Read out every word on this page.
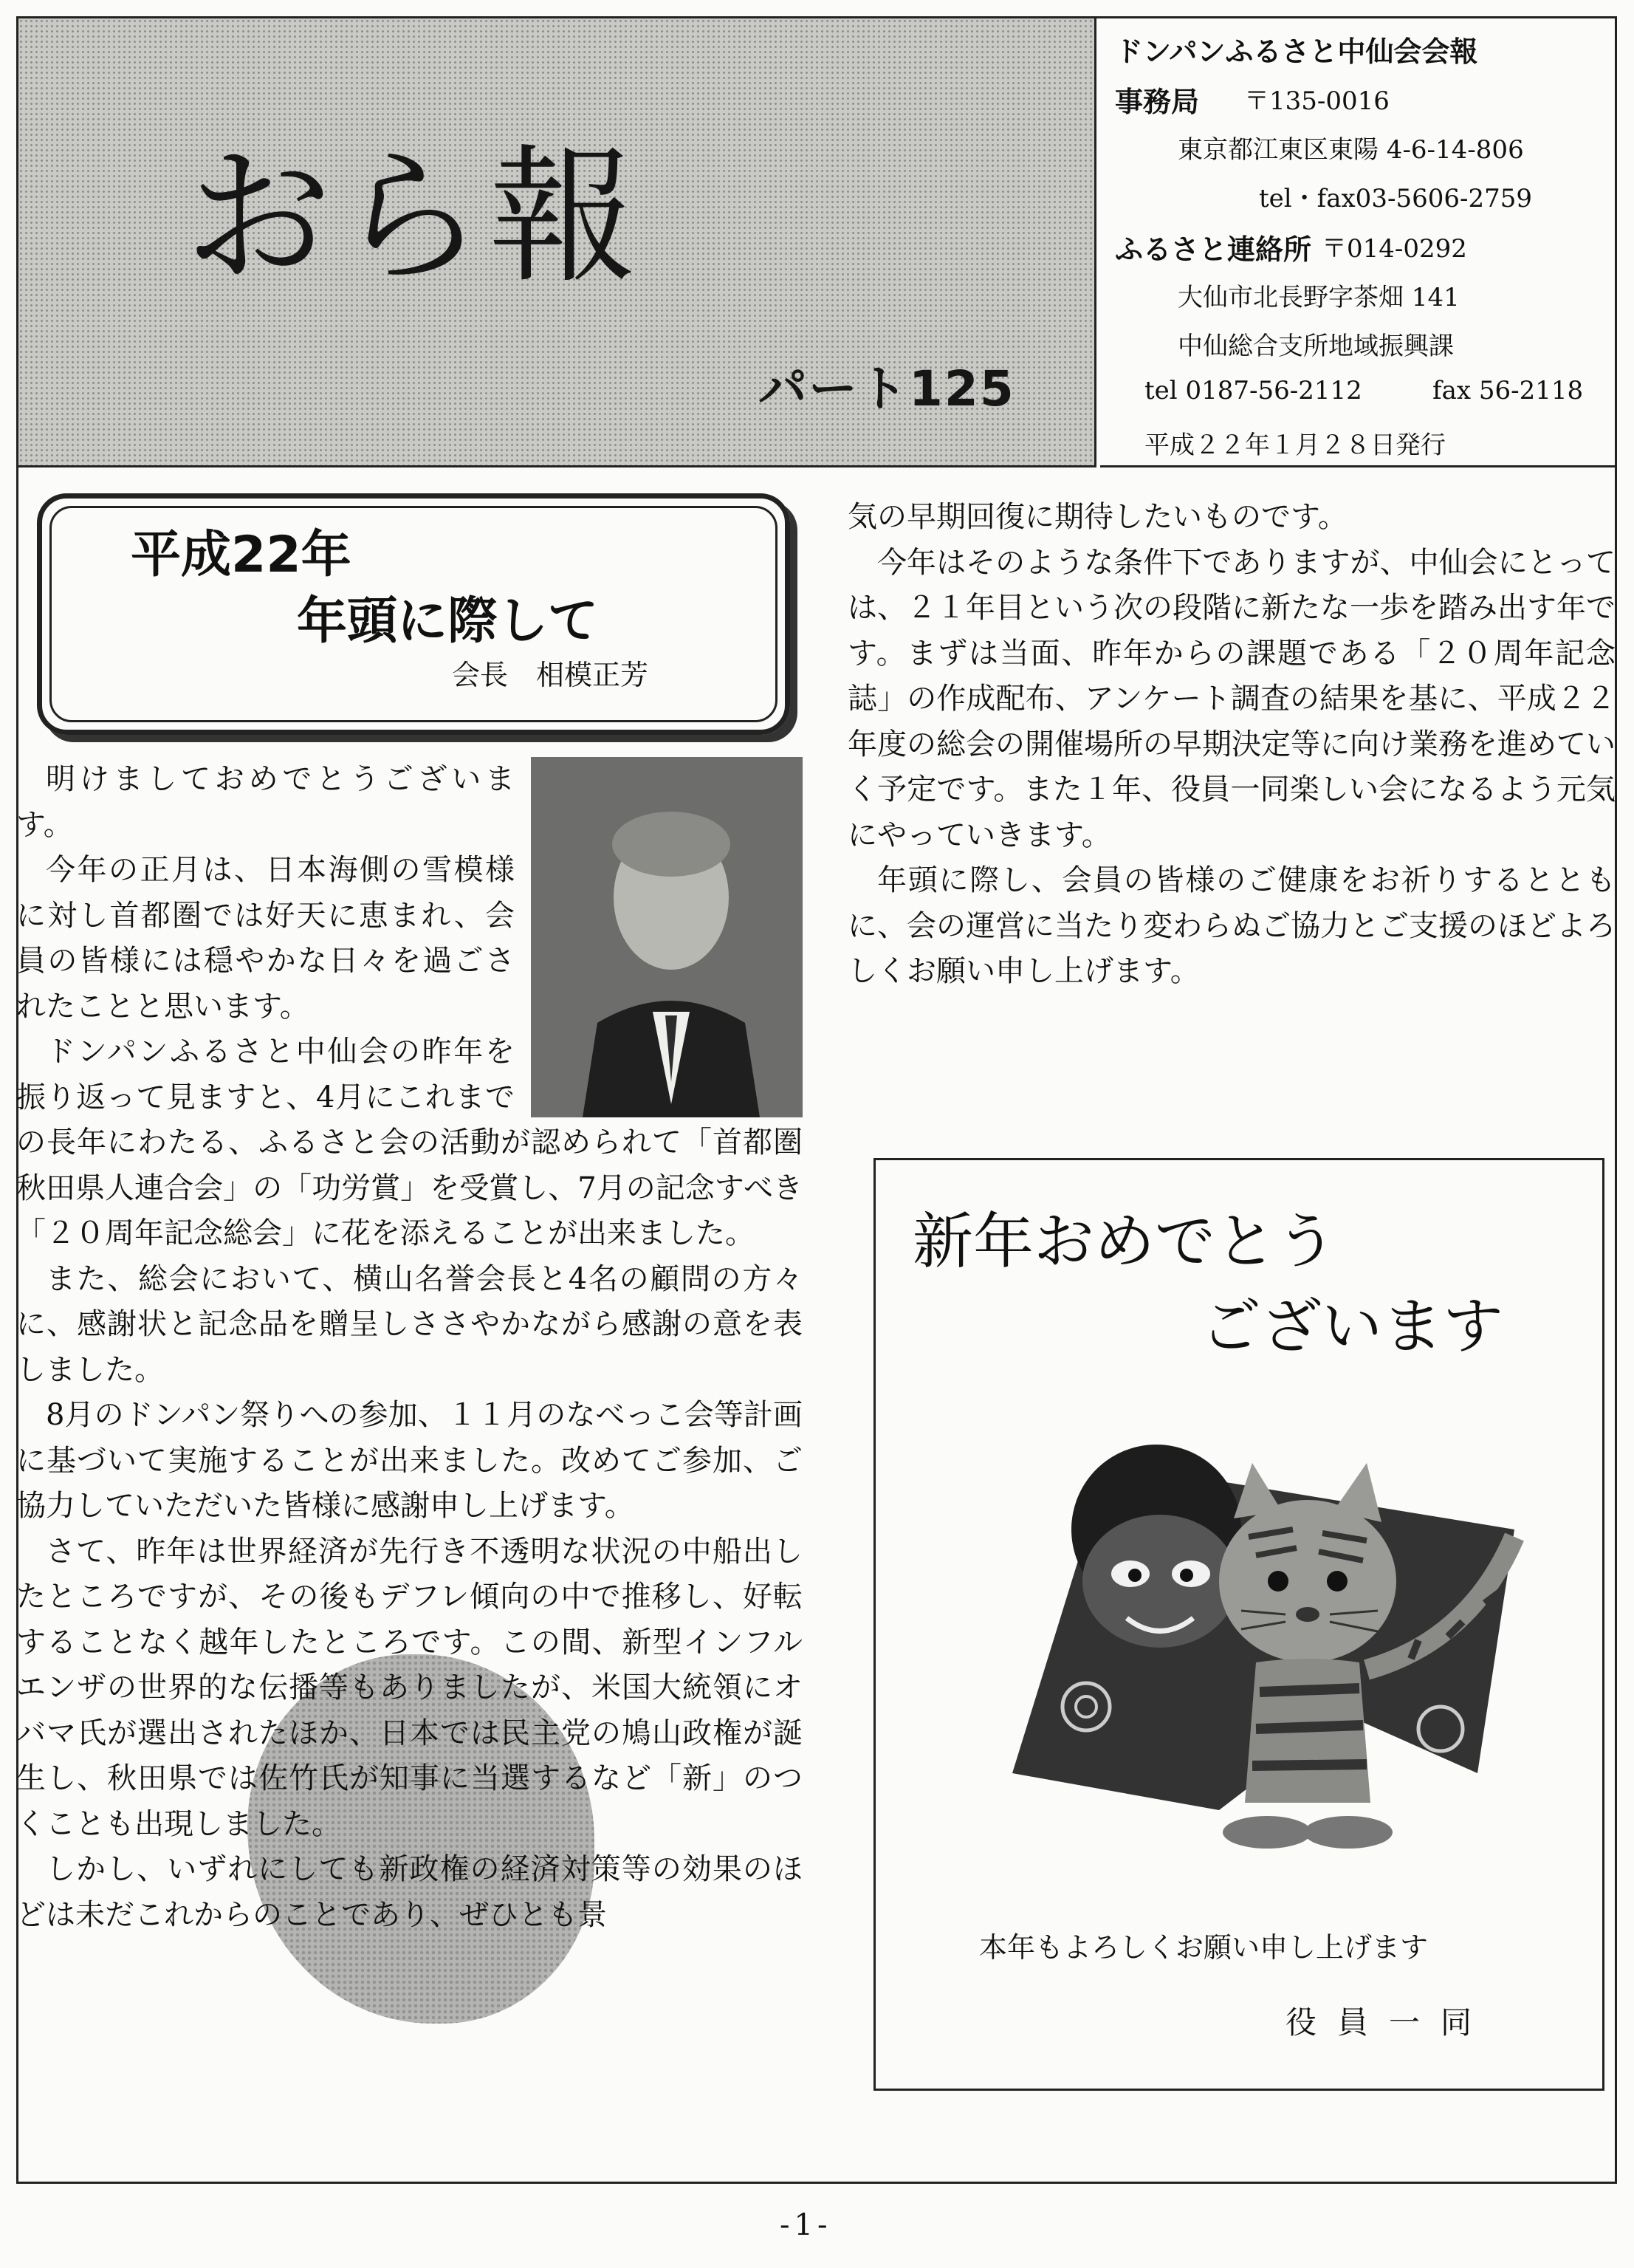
おら報
パート125
ドンパンふるさと中仙会会報
事務局 〒135-0016
東京都江東区東陽 4-6-14-806
tel・fax03-5606-2759
ふるさと連絡所 〒014-0292
大仙市北長野字茶畑 141
中仙総合支所地域振興課
tel 0187-56-2112	fax 56-2118
平成２２年１月２８日発行
平成22年
年頭に際して
会長　相模正芳

明けましておめでとうございます。

今年の正月は、日本海側の雪模様に対し首都圏では好天に恵まれ、会員の皆様には穏やかな日々を過ごされたことと思います。

ドンパンふるさと中仙会の昨年を振り返って見ますと、4月にこれまでの長年にわたる、ふるさと会の活動が認められて「首都圏秋田県人連合会」の「功労賞」を受賞し、7月の記念すべき「２０周年記念総会」に花を添えることが出来ました。

また、総会において、横山名誉会長と4名の顧問の方々に、感謝状と記念品を贈呈しささやかながら感謝の意を表しました。

8月のドンパン祭りへの参加、１１月のなべっこ会等計画に基づいて実施することが出来ました。改めてご参加、ご協力していただいた皆様に感謝申し上げます。

さて、昨年は世界経済が先行き不透明な状況の中船出したところですが、その後もデフレ傾向の中で推移し、好転することなく越年したところです。この間、新型インフルエンザの世界的な伝播等もありましたが、米国大統領にオバマ氏が選出されたほか、日本では民主党の鳩山政権が誕生し、秋田県では佐竹氏が知事に当選するなど「新」のつくことも出現しました。

しかし、いずれにしても新政権の経済対策等の効果のほどは未だこれからのことであり、ぜひとも景

気の早期回復に期待したいものです。

今年はそのような条件下でありますが、中仙会にとっては、２１年目という次の段階に新たな一歩を踏み出す年です。まずは当面、昨年からの課題である「２０周年記念誌」の作成配布、アンケート調査の結果を基に、平成２２年度の総会の開催場所の早期決定等に向け業務を進めていく予定です。また１年、役員一同楽しい会になるよう元気にやっていきます。

年頭に際し、会員の皆様のご健康をお祈りするとともに、会の運営に当たり変わらぬご協力とご支援のほどよろしくお願い申し上げます。

新年おめでとう
ございます
本年もよろしくお願い申し上げます
役員一同
-1-
